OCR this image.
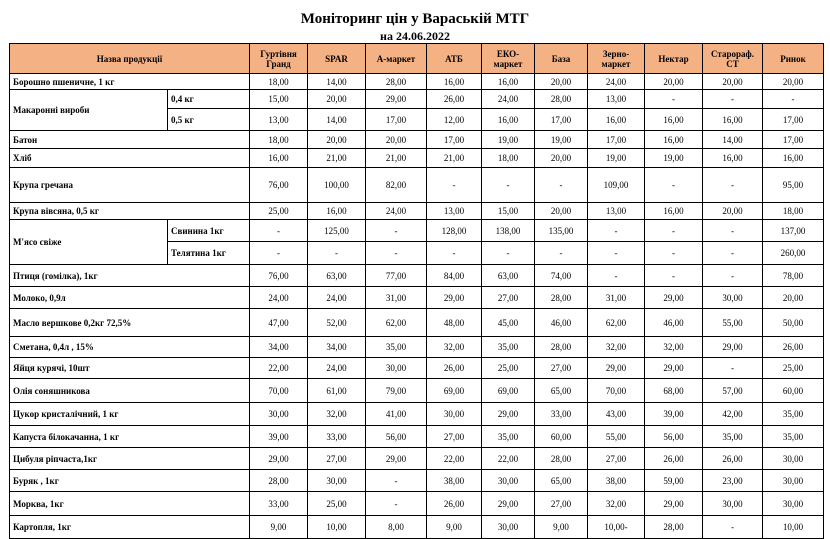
Моніторинг цін у Вараській МТГ
на 24.06.2022
Назва продукції		Гуртівня Гранд	SPAR	А-маркет	АТБ	ЕКО-маркет	База	Зерно-маркет	Нектар	Старораф. СТ	Ринок
Борошно пшеничне, 1 кг		18,00	14,00	28,00	16,00	16,00	20,00	24,00	20,00	20,00	20,00
Макаронні вироби	0,4 кг	15,00	20,00	29,00	26,00	24,00	28,00	13,00	-	-	-
	0,5 кг	13,00	14,00	17,00	12,00	16,00	17,00	16,00	16,00	16,00	17,00
Батон		18,00	20,00	20,00	17,00	19,00	19,00	17,00	16,00	14,00	17,00
Хліб		16,00	21,00	21,00	21,00	18,00	20,00	19,00	19,00	16,00	16,00
Крупа гречана		76,00	100,00	82,00	-	-	-	109,00	-	-	95,00
Крупа вівсяна, 0,5 кг		25,00	16,00	24,00	13,00	15,00	20,00	13,00	16,00	20,00	18,00
М'ясо свіже	Свинина 1кг	-	125,00	-	128,00	138,00	135,00	-	-	-	137,00
	Телятина 1кг	-	-	-	-	-	-	-	-	-	260,00
Птиця (гомілка), 1кг		76,00	63,00	77,00	84,00	63,00	74,00	-	-	-	78,00
Молоко, 0,9л		24,00	24,00	31,00	29,00	27,00	28,00	31,00	29,00	30,00	20,00
Масло вершкове 0,2кг 72,5%		47,00	52,00	62,00	48,00	45,00	46,00	62,00	46,00	55,00	50,00
Сметана, 0,4л , 15%		34,00	34,00	35,00	32,00	35,00	28,00	32,00	32,00	29,00	26,00
Яйця курячі, 10шт		22,00	24,00	30,00	26,00	25,00	27,00	29,00	29,00	-	25,00
Олія соняшникова		70,00	61,00	79,00	69,00	69,00	65,00	70,00	68,00	57,00	60,00
Цукор кристалічний, 1 кг		30,00	32,00	41,00	30,00	29,00	33,00	43,00	39,00	42,00	35,00
Капуста білокачанна, 1 кг		39,00	33,00	56,00	27,00	35,00	60,00	55,00	56,00	35,00	35,00
Цибуля ріпчаста,1кг		29,00	27,00	29,00	22,00	22,00	28,00	27,00	26,00	26,00	30,00
Буряк , 1кг		28,00	30,00	-	38,00	30,00	65,00	38,00	59,00	23,00	30,00
Морква, 1кг		33,00	25,00	-	26,00	29,00	27,00	32,00	29,00	30,00	30,00
Картопля, 1кг		9,00	10,00	8,00	9,00	30,00	9,00	10,00-	28,00	-	10,00
